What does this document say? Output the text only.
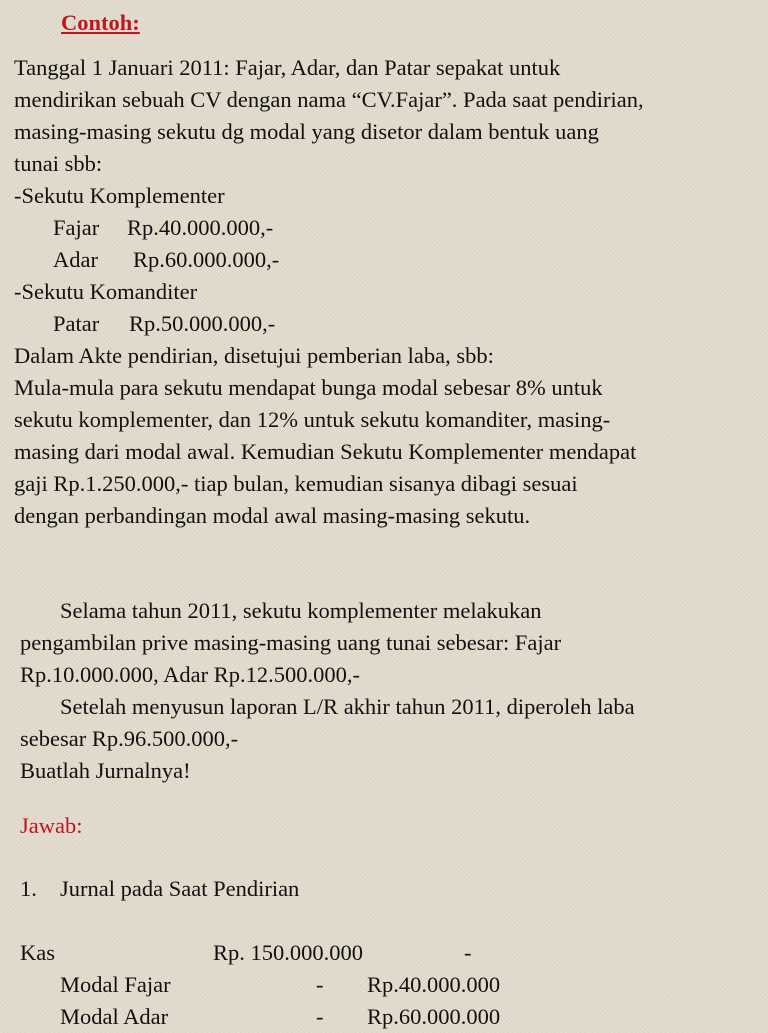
Contoh:
Tanggal 1 Januari 2011: Fajar, Adar, dan Patar sepakat untuk
mendirikan sebuah CV dengan nama “CV.Fajar”. Pada saat pendirian,
masing-masing sekutu dg modal yang disetor dalam bentuk uang
tunai sbb:
-Sekutu Komplementer
Fajar Rp.40.000.000,-
Adar Rp.60.000.000,-
-Sekutu Komanditer
Patar Rp.50.000.000,-
Dalam Akte pendirian, disetujui pemberian laba, sbb:
Mula-mula para sekutu mendapat bunga modal sebesar 8% untuk
sekutu komplementer, dan 12% untuk sekutu komanditer, masing-
masing dari modal awal. Kemudian Sekutu Komplementer mendapat
gaji Rp.1.250.000,- tiap bulan, kemudian sisanya dibagi sesuai
dengan perbandingan modal awal masing-masing sekutu.
Selama tahun 2011, sekutu komplementer melakukan
pengambilan prive masing-masing uang tunai sebesar: Fajar
Rp.10.000.000, Adar Rp.12.500.000,-
Setelah menyusun laporan L/R akhir tahun 2011, diperoleh laba
sebesar Rp.96.500.000,-
Buatlah Jurnalnya!
Jawab:
1. Jurnal pada Saat Pendirian
Kas	Rp. 150.000.000	-
Modal Fajar	- Rp.40.000.000
Modal Adar	- Rp.60.000.000
